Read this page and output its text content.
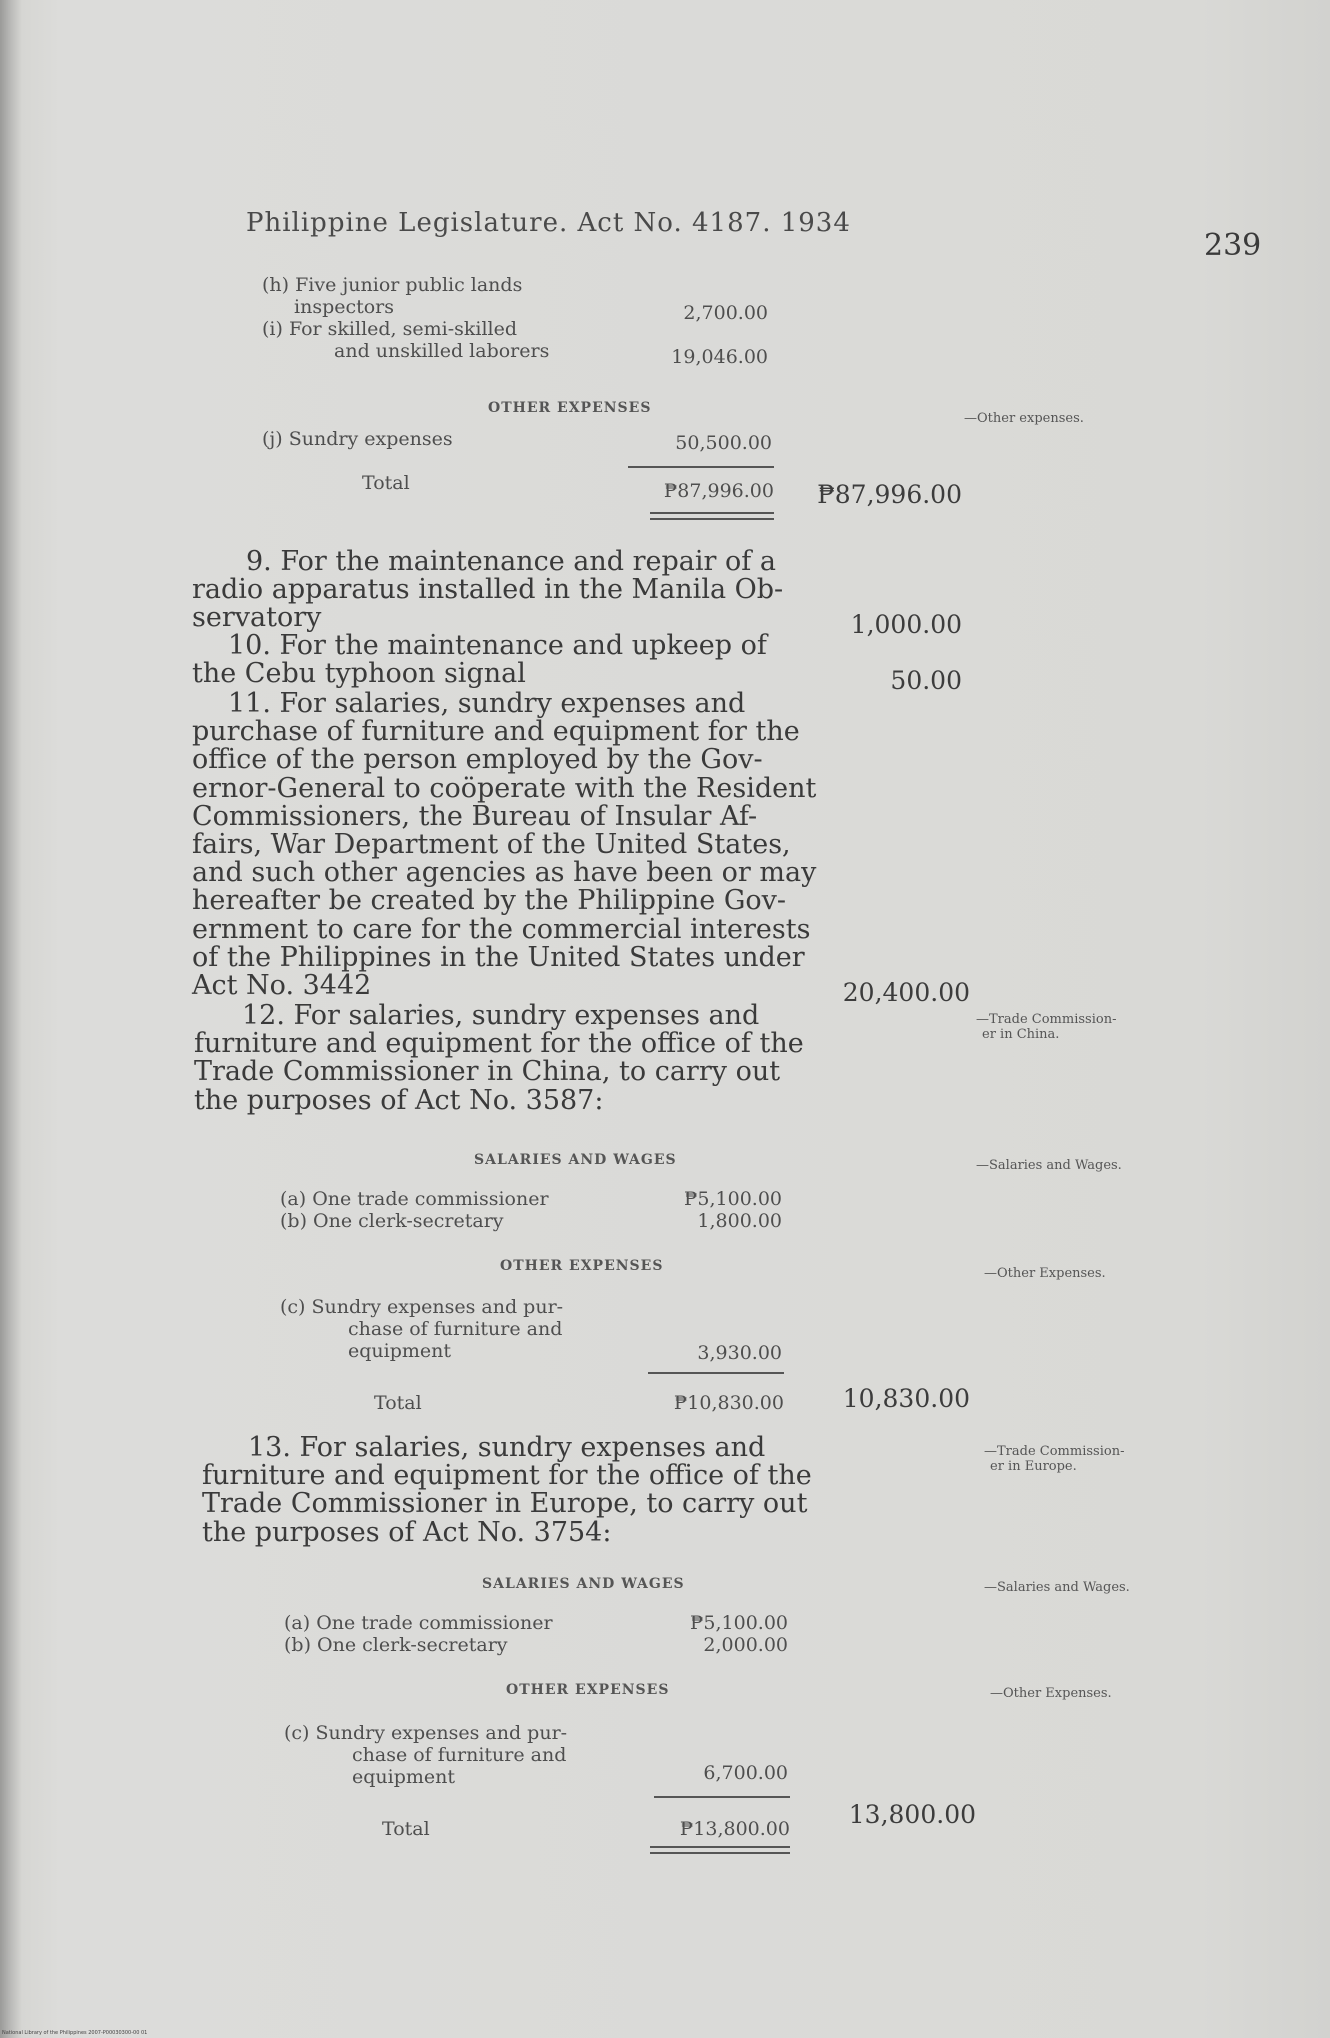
Philippine Legislature. Act No. 4187. 1934
239
(h) Five junior public lands
inspectors	2,700.00
(i) For skilled, semi-skilled
and unskilled laborers	19,046.00
OTHER EXPENSES
—Other expenses.
(j) Sundry expenses	50,500.00
Total	₱87,996.00	₱87,996.00
9. For the maintenance and repair of a
radio apparatus installed in the Manila Ob-
servatory	1,000.00
10. For the maintenance and upkeep of
the Cebu typhoon signal	50.00
11. For salaries, sundry expenses and
purchase of furniture and equipment for the
office of the person employed by the Gov-
ernor-General to coöperate with the Resident
Commissioners, the Bureau of Insular Af-
fairs, War Department of the United States,
and such other agencies as have been or may
hereafter be created by the Philippine Gov-
ernment to care for the commercial interests
of the Philippines in the United States under
Act No. 3442	20,400.00
12. For salaries, sundry expenses and
furniture and equipment for the office of the
Trade Commissioner in China, to carry out
the purposes of Act No. 3587:
—Trade Commission-
er in China.
SALARIES AND WAGES	—Salaries and Wages.
(a) One trade commissioner	₱5,100.00
(b) One clerk-secretary	1,800.00
OTHER EXPENSES	—Other Expenses.
(c) Sundry expenses and pur-
chase of furniture and
equipment	3,930.00
Total	₱10,830.00	10,830.00
13. For salaries, sundry expenses and
furniture and equipment for the office of the
Trade Commissioner in Europe, to carry out
the purposes of Act No. 3754:
—Trade Commission-
er in Europe.
SALARIES AND WAGES	—Salaries and Wages.
(a) One trade commissioner	₱5,100.00
(b) One clerk-secretary	2,000.00
OTHER EXPENSES	—Other Expenses.
(c) Sundry expenses and pur-
chase of furniture and
equipment	6,700.00
Total	₱13,800.00	13,800.00
National Library of the Philippines 2007-P00030300-00 01
